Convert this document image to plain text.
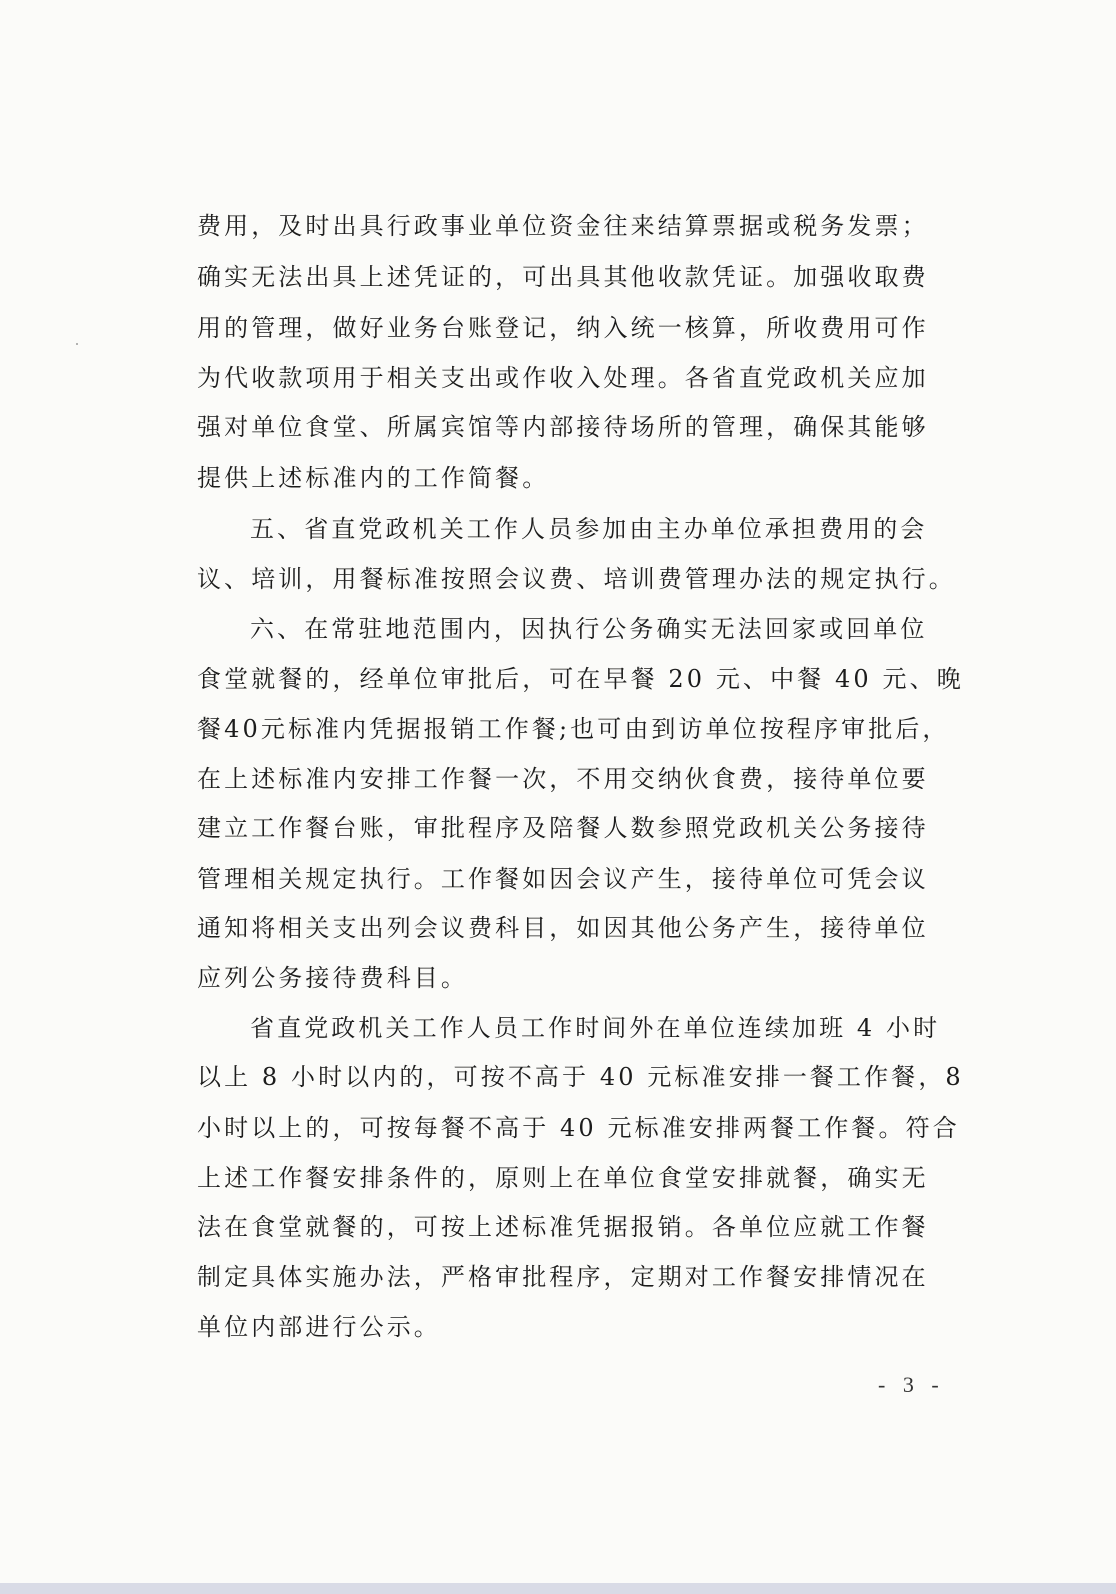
费用，及时出具行政事业单位资金往来结算票据或税务发票；
确实无法出具上述凭证的，可出具其他收款凭证。加强收取费
用的管理，做好业务台账登记，纳入统一核算，所收费用可作
为代收款项用于相关支出或作收入处理。各省直党政机关应加
强对单位食堂、所属宾馆等内部接待场所的管理，确保其能够
提供上述标准内的工作简餐。
五、省直党政机关工作人员参加由主办单位承担费用的会
议、培训，用餐标准按照会议费、培训费管理办法的规定执行。
六、在常驻地范围内，因执行公务确实无法回家或回单位
食堂就餐的，经单位审批后，可在早餐 20 元、中餐 40 元、晚
餐40元标准内凭据报销工作餐;也可由到访单位按程序审批后，
在上述标准内安排工作餐一次，不用交纳伙食费，接待单位要
建立工作餐台账，审批程序及陪餐人数参照党政机关公务接待
管理相关规定执行。工作餐如因会议产生，接待单位可凭会议
通知将相关支出列会议费科目，如因其他公务产生，接待单位
应列公务接待费科目。
省直党政机关工作人员工作时间外在单位连续加班 4 小时
以上 8 小时以内的，可按不高于 40 元标准安排一餐工作餐，8
小时以上的，可按每餐不高于 40 元标准安排两餐工作餐。符合
上述工作餐安排条件的，原则上在单位食堂安排就餐，确实无
法在食堂就餐的，可按上述标准凭据报销。各单位应就工作餐
制定具体实施办法，严格审批程序，定期对工作餐安排情况在
单位内部进行公示。
- 3 -
